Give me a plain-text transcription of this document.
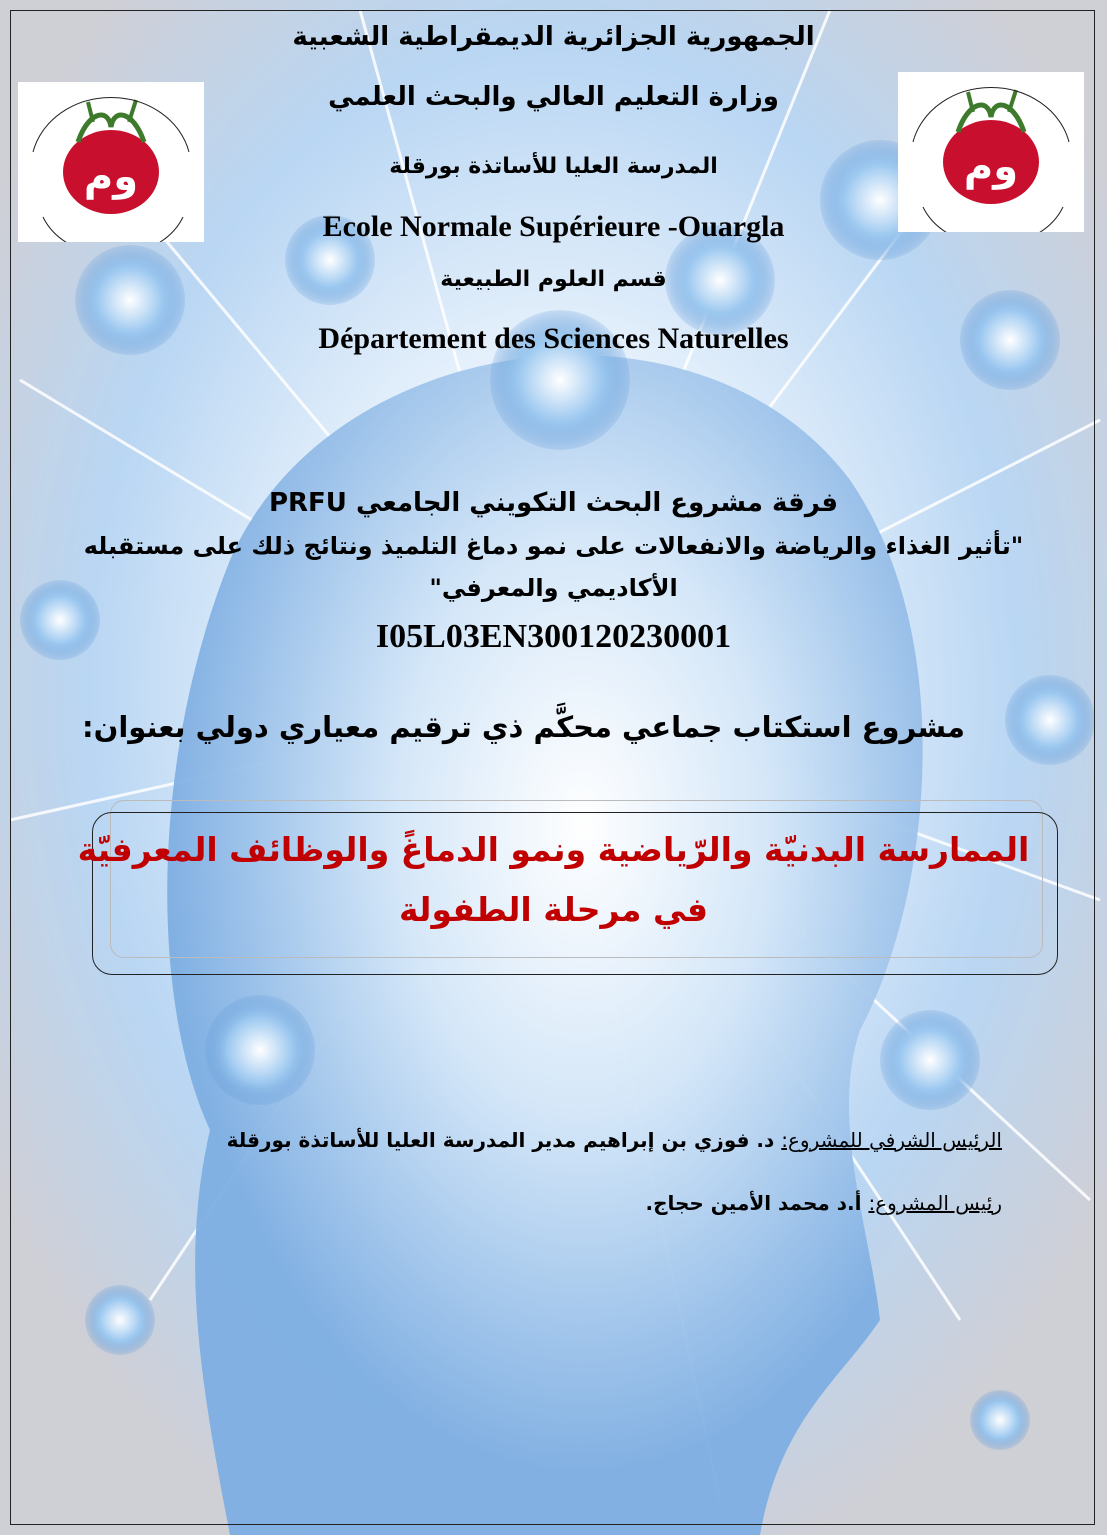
وم	وم
الجمهورية الجزائرية الديمقراطية الشعبية
وزارة التعليم العالي والبحث العلمي
المدرسة العليا للأساتذة بورقلة
Ecole Normale Supérieure -Ouargla
قسم العلوم الطبيعية
Département des Sciences Naturelles
فرقة مشروع البحث التكويني الجامعي PRFU
"تأثير الغذاء والرياضة والانفعالات على نمو دماغ التلميذ ونتائج ذلك على مستقبله
الأكاديمي والمعرفي"
I05L03EN300120230001
مشروع استكتاب جماعي محكَّم ذي ترقيم معياري دولي بعنوان:
الممارسة البدنيّة والرّياضية ونمو الدماغً والوظائف المعرفيّة
في مرحلة الطفولة
الرئيس الشرفي للمشروع: د. فوزي بن إبراهيم مدير المدرسة العليا للأساتذة بورقلة
رئيس المشروع: أ.د محمد الأمين حجاج.
